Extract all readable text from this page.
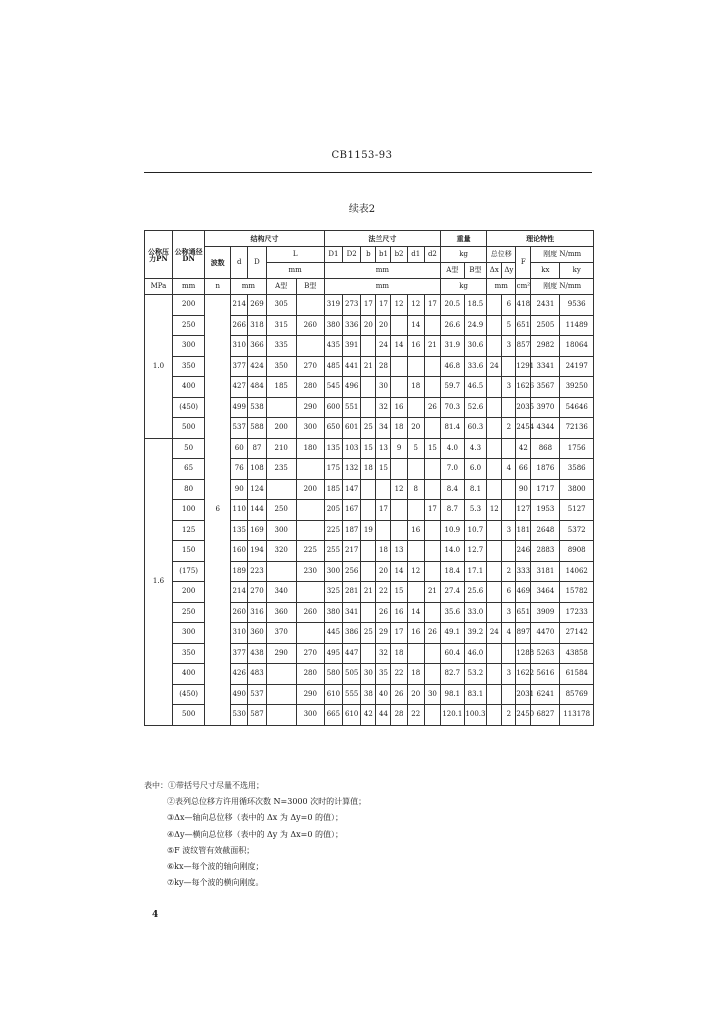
CB1153-93
续表2
公称压力PN	公称通径DN	结构尺寸					法兰尺寸							重量		理论特性				
		波数	d	D	L		D1	D2	b	b1	b2	d1	d2	kg		总位移		F	刚度 N/mm	
					mm		mm							A型	B型	Δx	Δy		kx	ky
MPa	mm	n	mm		A型	B型	mm							kg		mm		cm²	刚度 N/mm	
1.0	200	6	214	269	305		319	273	17	17	12	12	17	20.5	18.5		6	418	2431	9536
	250		266	318	315	260	380	336	20	20		14		26.6	24.9		5	651	2505	11489
	300		310	366	335		435	391		24	14	16	21	31.9	30.6		3	857	2982	18064
	350		377	424	350	270	485	441	21	28				46.8	33.6	24		1291	3341	24197
	400		427	484	185	280	545	496		30		18		59.7	46.5		3	1626	3567	39250
	(450)		499	538		290	600	551		32	16		26	70.3	52.6			2035	3970	54646
	500		537	588	200	300	650	601	25	34	18	20		81.4	60.3		2	2454	4344	72136
1.6	50		60	87	210	180	135	103	15	13	9	5	15	4.0	4.3			42	868	1756
	65		76	108	235		175	132	18	15				7.0	6.0		4	66	1876	3586
	80		90	124		200	185	147			12	8		8.4	8.1			90	1717	3800
	100		110	144	250		205	167		17			17	8.7	5.3	12		127	1953	5127
	125		135	169	300		225	187	19			16		10.9	10.7		3	181	2648	5372
	150		160	194	320	225	255	217		18	13			14.0	12.7			246	2883	8908
	(175)		189	223		230	300	256		20	14	12		18.4	17.1		2	333	3181	14062
	200		214	270	340		325	281	21	22	15		21	27.4	25.6		6	469	3464	15782
	250		260	316	360	260	380	341		26	16	14		35.6	33.0		3	651	3909	17233
	300		310	360	370		445	386	25	29	17	16	26	49.1	39.2	24	4	897	4470	27142
	350		377	438	290	270	495	447		32	18			60.4	46.0			1288	5263	43858
	400		426	483		280	580	505	30	35	22	18		82.7	53.2		3	1622	5616	61584
	(450)		490	537		290	610	555	38	40	26	20	30	98.1	83.1			2031	6241	85769
	500		530	587		300	665	610	42	44	28	22		120.1	100.3		2	2450	6827	113178
表中：①带括号尺寸尽量不选用；
②表列总位移方许用循环次数 N=3000 次时的计算值；
③Δx—轴向总位移（表中的 Δx 为 Δy=0 的值）；
④Δy—横向总位移（表中的 Δy 为 Δx=0 的值）；
⑤F 波纹管有效截面积；
⑥kx—每个波的轴向刚度；
⑦ky—每个波的横向刚度。
4
